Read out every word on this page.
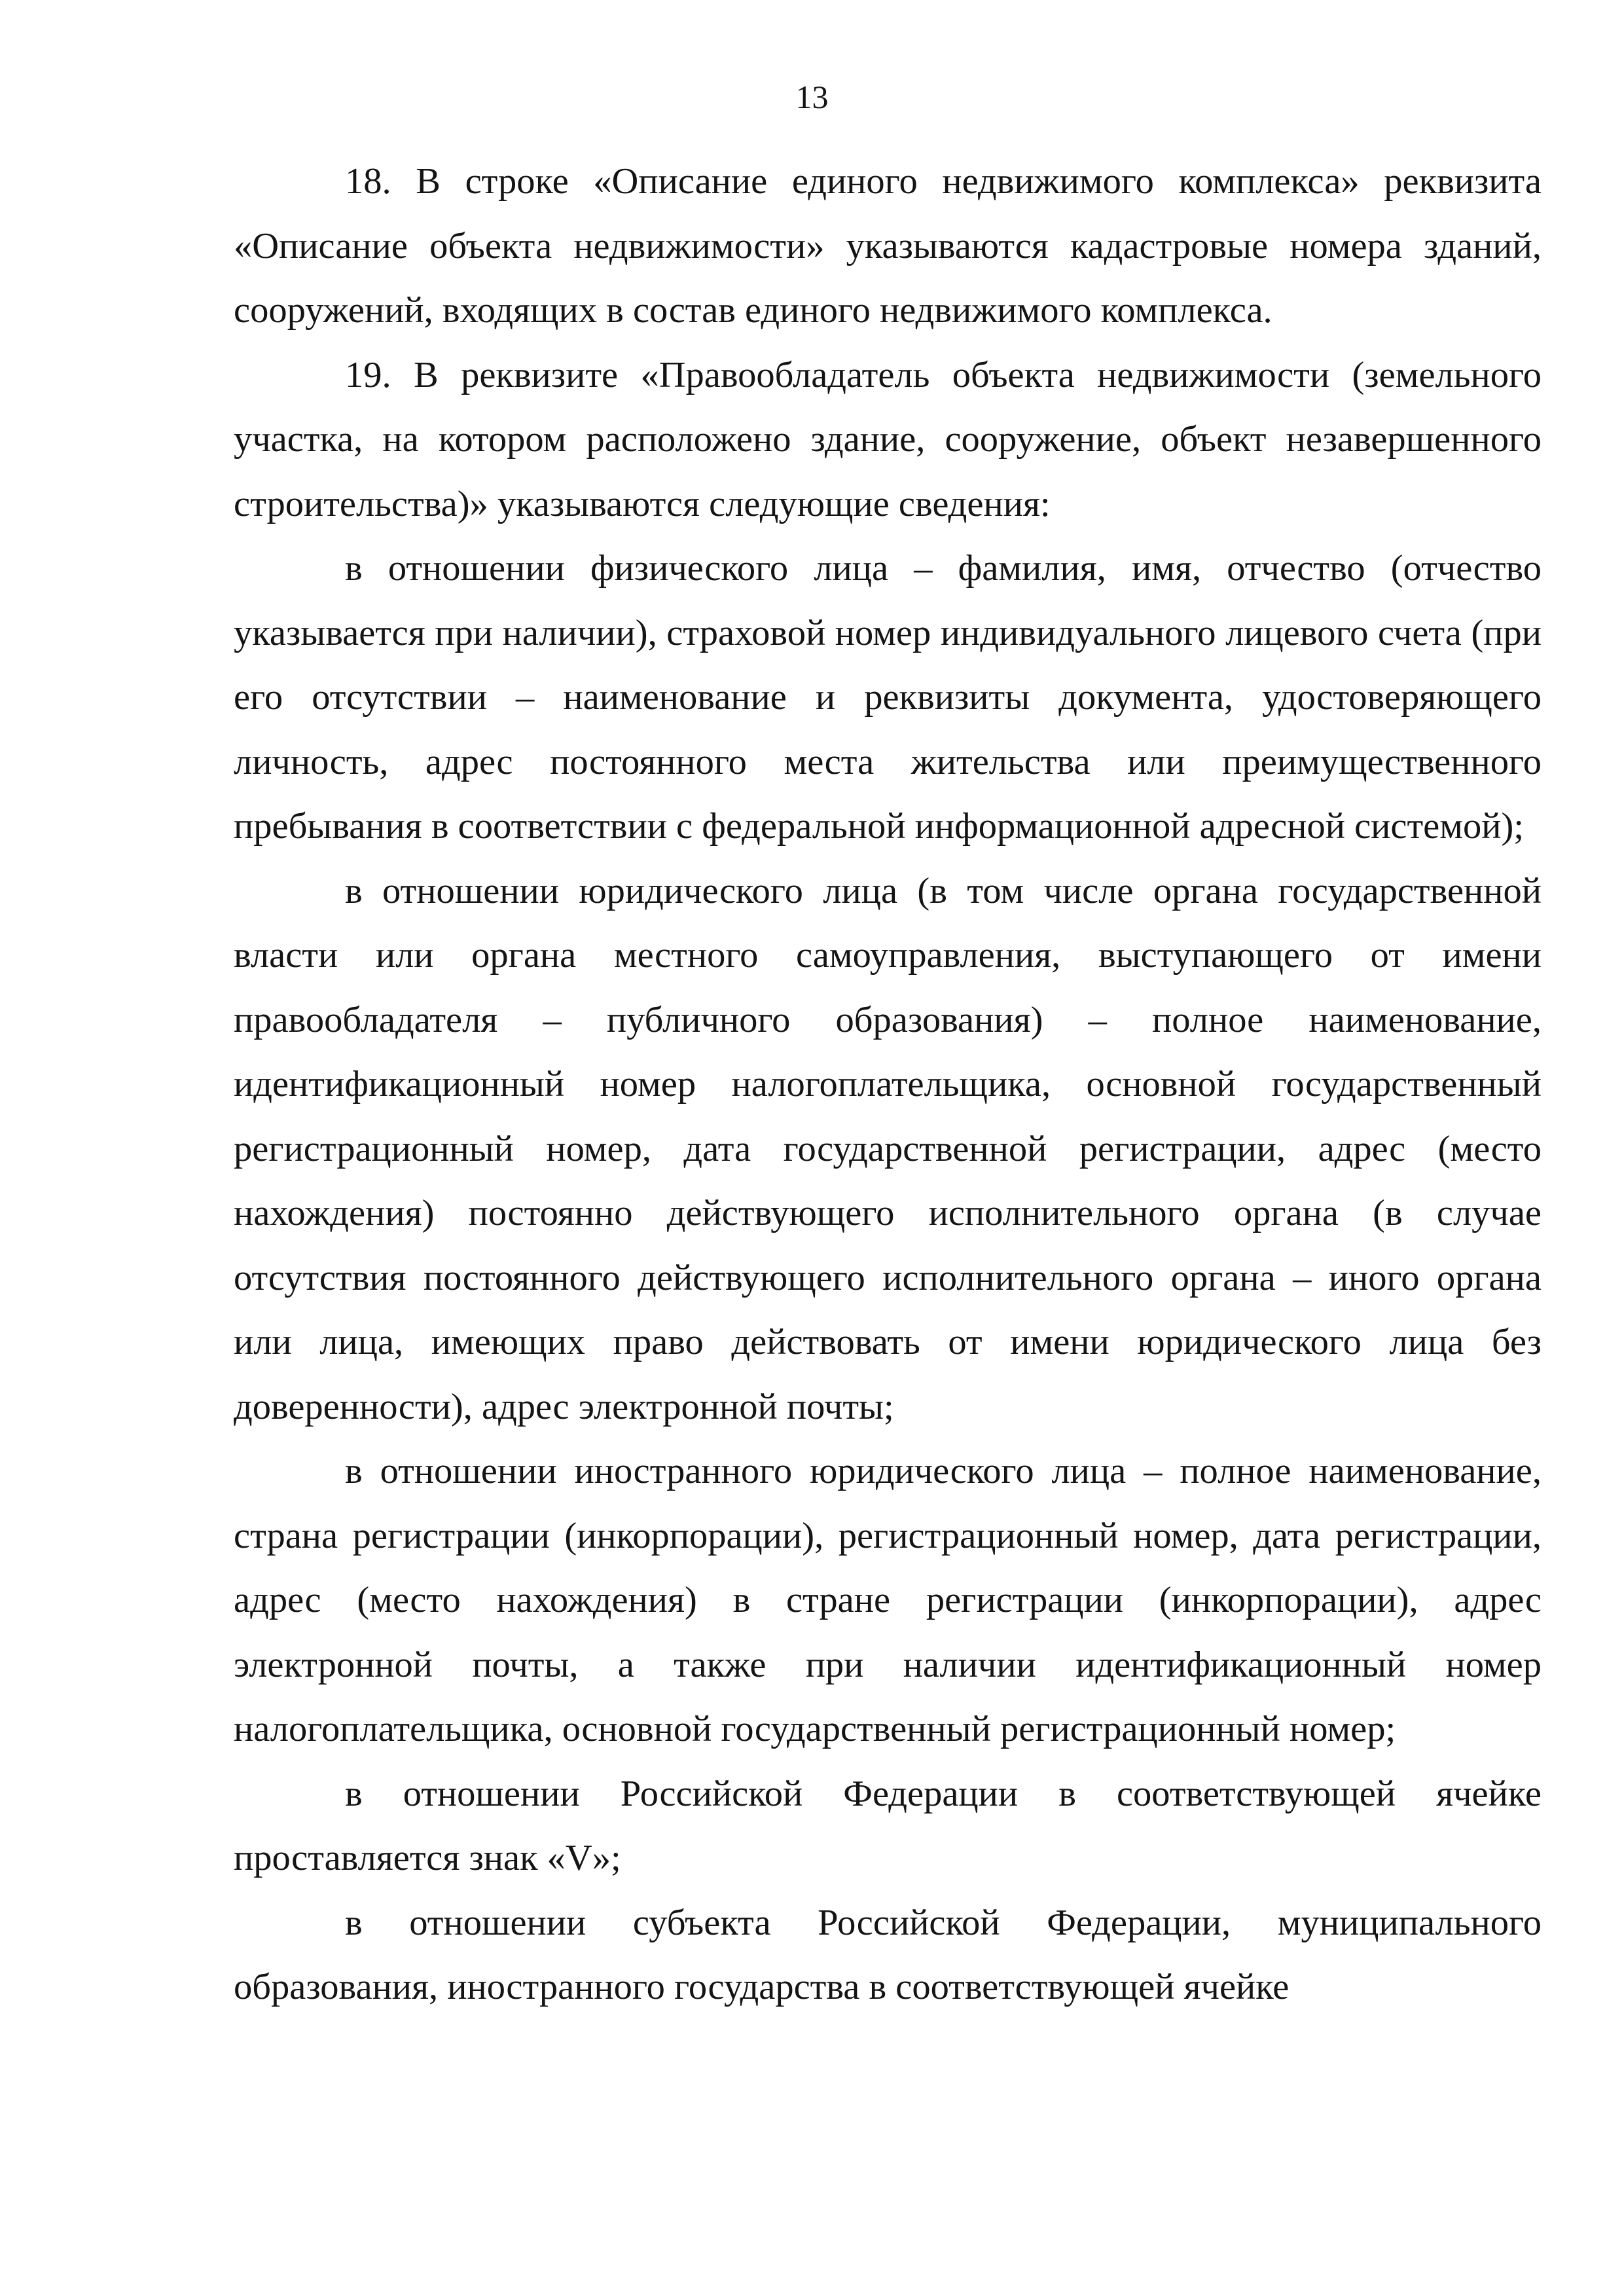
13

18. В строке «Описание единого недвижимого комплекса» реквизита «Описание объекта недвижимости» указываются кадастровые номера зданий, сооружений, входящих в состав единого недвижимого комплекса.

19. В реквизите «Правообладатель объекта недвижимости (земельного участка, на котором расположено здание, сооружение, объект незавершенного строительства)» указываются следующие сведения:

в отношении физического лица – фамилия, имя, отчество (отчество указывается при наличии), страховой номер индивидуального лицевого счета (при его отсутствии – наименование и реквизиты документа, удостоверяющего личность, адрес постоянного места жительства или преимущественного пребывания в соответствии с федеральной информационной адресной системой);

в отношении юридического лица (в том числе органа государственной власти или органа местного самоуправления, выступающего от имени правообладателя – публичного образования) – полное наименование, идентификационный номер налогоплательщика, основной государственный регистрационный номер, дата государственной регистрации, адрес (место нахождения) постоянно действующего исполнительного органа (в случае отсутствия постоянного действующего исполнительного органа – иного органа или лица, имеющих право действовать от имени юридического лица без доверенности), адрес электронной почты;

в отношении иностранного юридического лица – полное наименование, страна регистрации (инкорпорации), регистрационный номер, дата регистрации, адрес (место нахождения) в стране регистрации (инкорпорации), адрес электронной почты, а также при наличии идентификационный номер налогоплательщика, основной государственный регистрационный номер;

в отношении Российской Федерации в соответствующей ячейке проставляется знак «V»;

в отношении субъекта Российской Федерации, муниципального образования, иностранного государства в соответствующей ячейке
